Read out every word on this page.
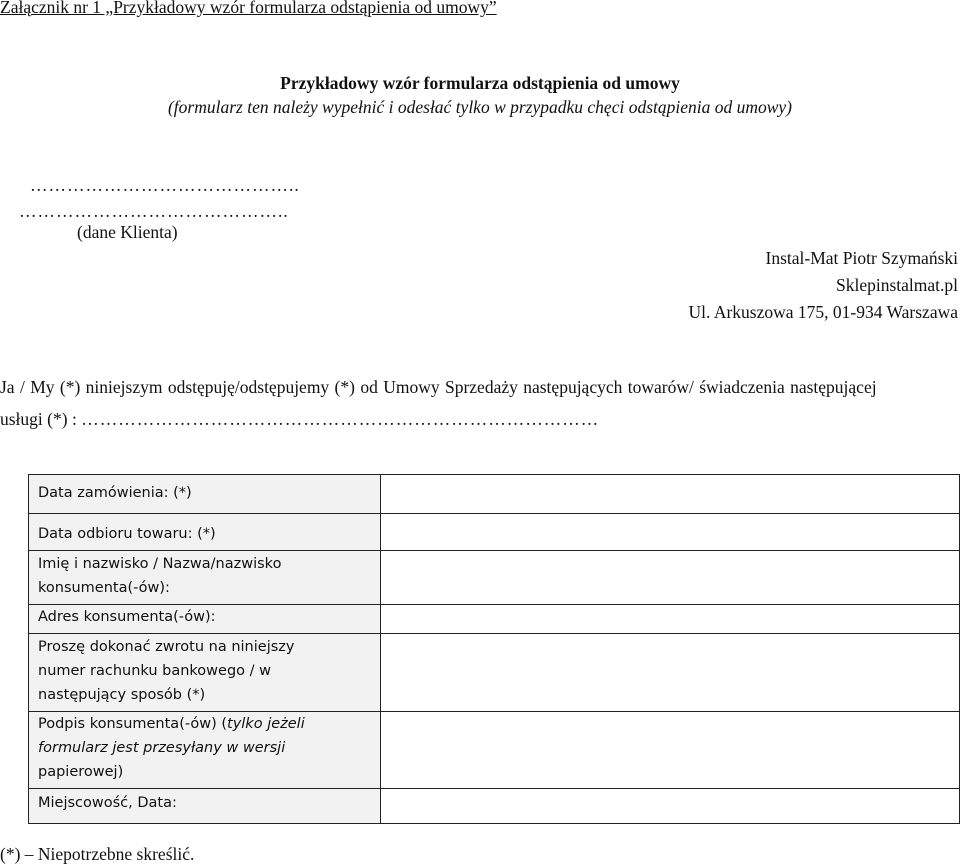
Załącznik nr 1 „Przykładowy wzór formularza odstąpienia od umowy”
Przykładowy wzór formularza odstąpienia od umowy
(formularz ten należy wypełnić i odesłać tylko w przypadku chęci odstąpienia od umowy)
……………………………………..
……………………………………..
(dane Klienta)
Instal-Mat Piotr Szymański
Sklepinstalmat.pl
Ul. Arkuszowa 175, 01-934 Warszawa
Ja / My (*) niniejszym odstępuję/odstępujemy (*) od Umowy Sprzedaży następujących towarów/ świadczenia następującej
usługi (*) : …………………………………………………………………………
Data zamówienia: (*)	
Data odbioru towaru: (*)	
Imię i nazwisko / Nazwa/nazwisko
konsumenta(-ów):	
Adres konsumenta(-ów):	
Proszę dokonać zwrotu na niniejszy
numer rachunku bankowego / w
następujący sposób (*)	
Podpis konsumenta(-ów) (tylko jeżeli
formularz jest przesyłany w wersji
papierowej)	
Miejscowość, Data:	
(*) – Niepotrzebne skreślić.
